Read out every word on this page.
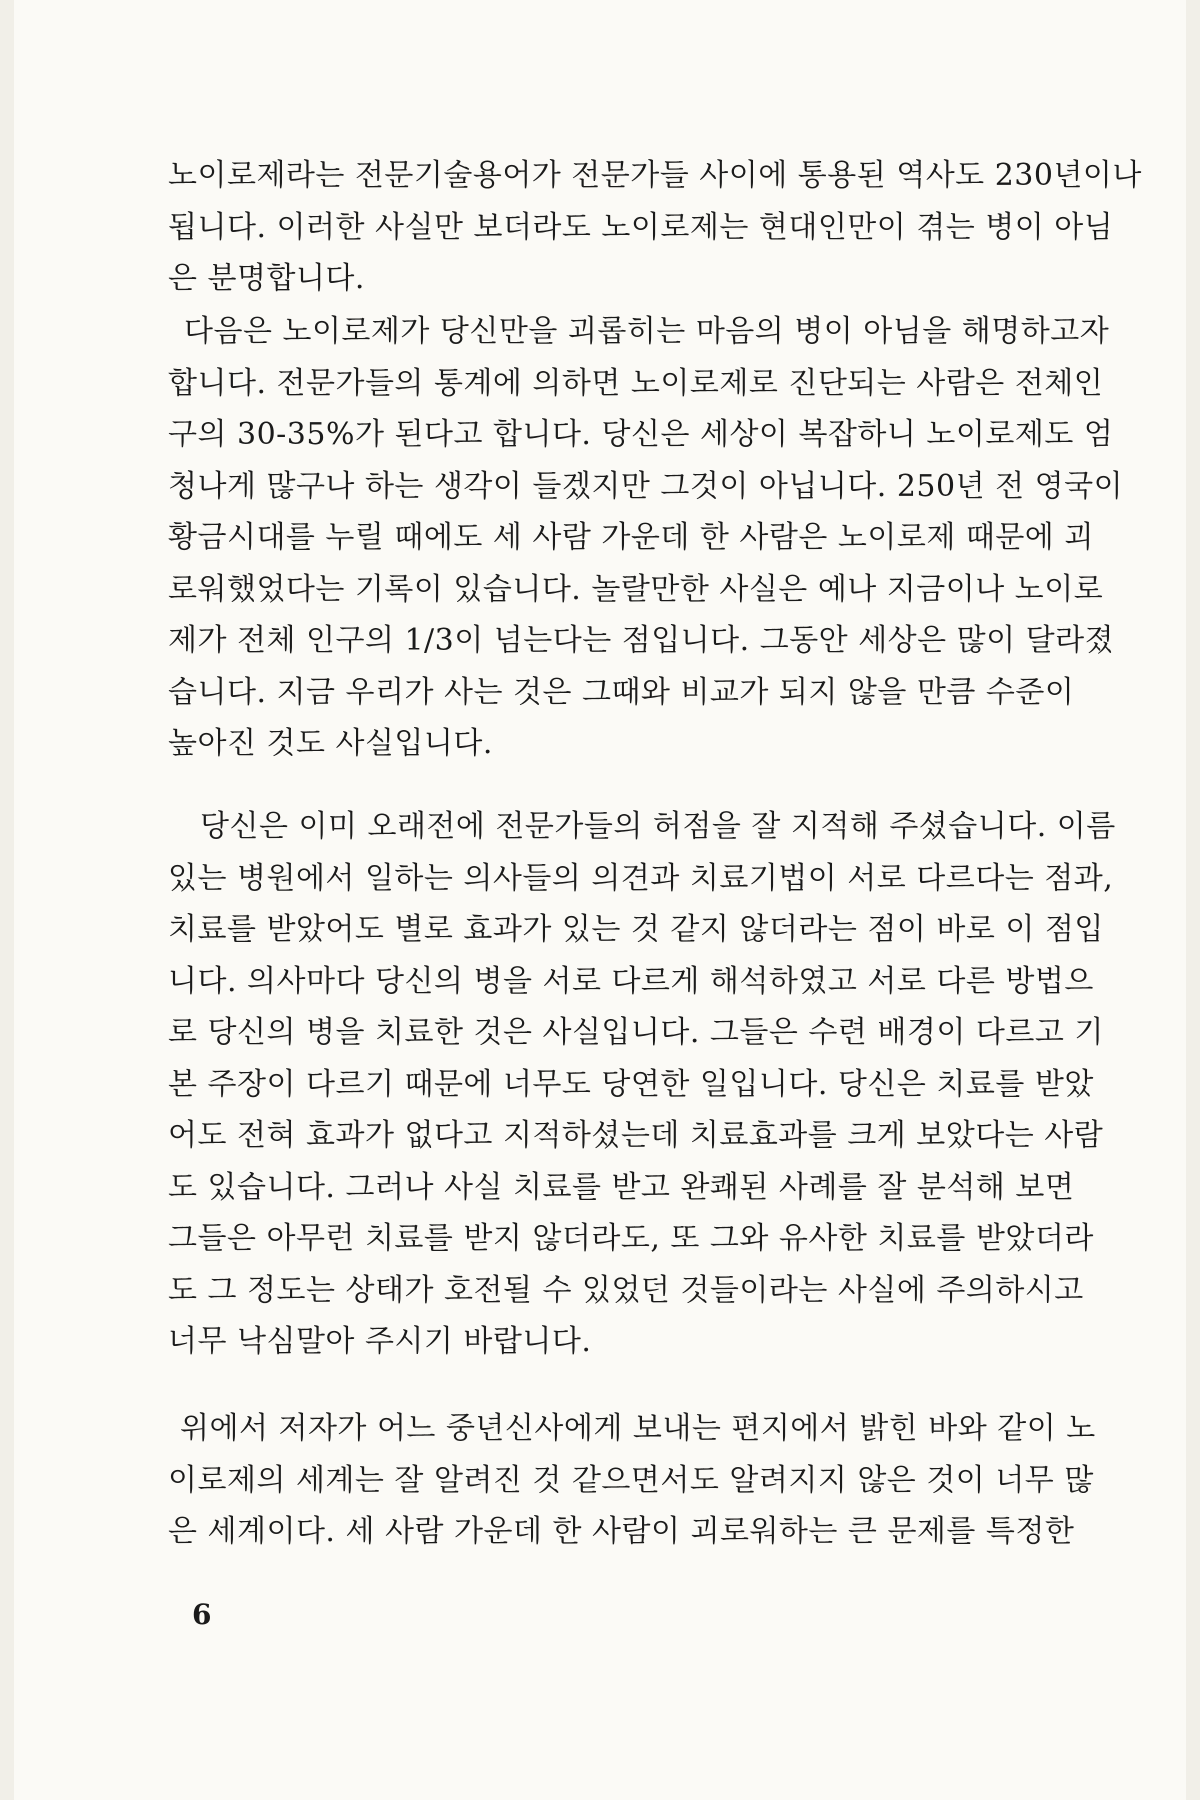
노이로제라는 전문기술용어가 전문가들 사이에 통용된 역사도 230년이나
됩니다. 이러한 사실만 보더라도 노이로제는 현대인만이 겪는 병이 아님
은 분명합니다.
다음은 노이로제가 당신만을 괴롭히는 마음의 병이 아님을 해명하고자
합니다. 전문가들의 통계에 의하면 노이로제로 진단되는 사람은 전체인
구의 30-35%가 된다고 합니다. 당신은 세상이 복잡하니 노이로제도 엄
청나게 많구나 하는 생각이 들겠지만 그것이 아닙니다. 250년 전 영국이
황금시대를 누릴 때에도 세 사람 가운데 한 사람은 노이로제 때문에 괴
로워했었다는 기록이 있습니다. 놀랄만한 사실은 예나 지금이나 노이로
제가 전체 인구의 1/3이 넘는다는 점입니다. 그동안 세상은 많이 달라졌
습니다. 지금 우리가 사는 것은 그때와 비교가 되지 않을 만큼 수준이
높아진 것도 사실입니다.
당신은 이미 오래전에 전문가들의 허점을 잘 지적해 주셨습니다. 이름
있는 병원에서 일하는 의사들의 의견과 치료기법이 서로 다르다는 점과,
치료를 받았어도 별로 효과가 있는 것 같지 않더라는 점이 바로 이 점입
니다. 의사마다 당신의 병을 서로 다르게 해석하였고 서로 다른 방법으
로 당신의 병을 치료한 것은 사실입니다. 그들은 수련 배경이 다르고 기
본 주장이 다르기 때문에 너무도 당연한 일입니다. 당신은 치료를 받았
어도 전혀 효과가 없다고 지적하셨는데 치료효과를 크게 보았다는 사람
도 있습니다. 그러나 사실 치료를 받고 완쾌된 사례를 잘 분석해 보면
그들은 아무런 치료를 받지 않더라도, 또 그와 유사한 치료를 받았더라
도 그 정도는 상태가 호전될 수 있었던 것들이라는 사실에 주의하시고
너무 낙심말아 주시기 바랍니다.
위에서 저자가 어느 중년신사에게 보내는 편지에서 밝힌 바와 같이 노
이로제의 세계는 잘 알려진 것 같으면서도 알려지지 않은 것이 너무 많
은 세계이다. 세 사람 가운데 한 사람이 괴로워하는 큰 문제를 특정한
6
